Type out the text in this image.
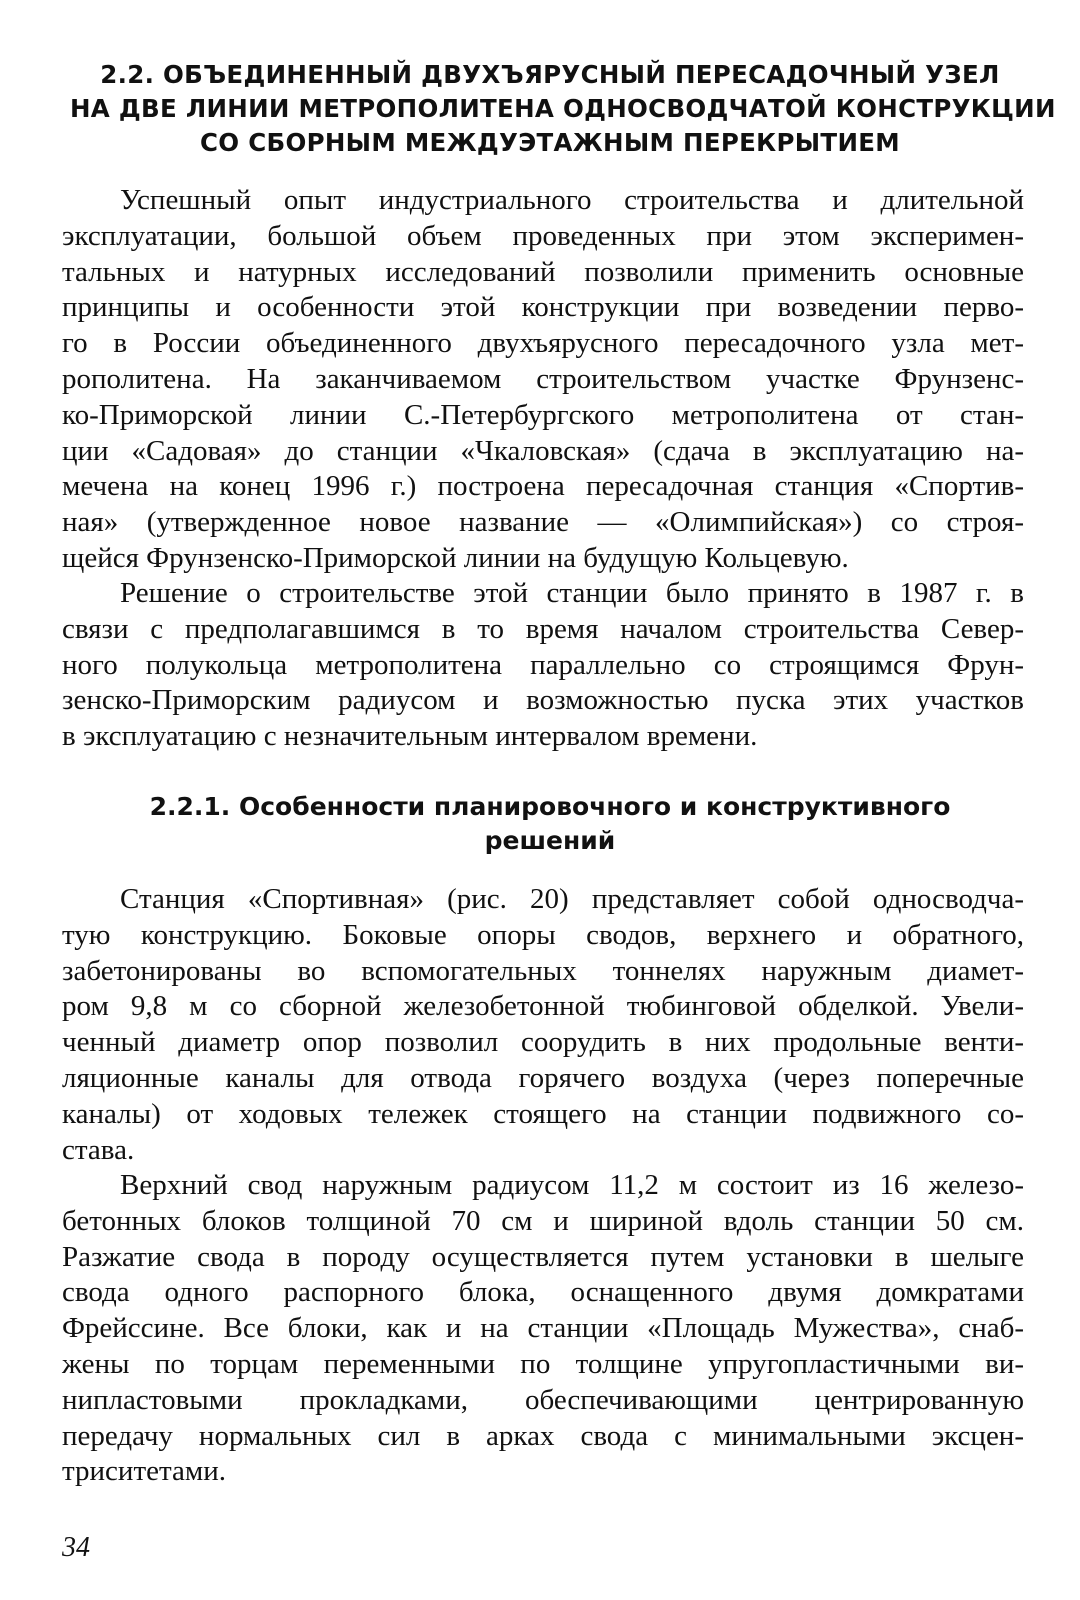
2.2. ОБЪЕДИНЕННЫЙ ДВУХЪЯРУСНЫЙ ПЕРЕСАДОЧНЫЙ УЗЕЛ
НА ДВЕ ЛИНИИ МЕТРОПОЛИТЕНА ОДНОСВОДЧАТОЙ КОНСТРУКЦИИ
СО СБОРНЫМ МЕЖДУЭТАЖНЫМ ПЕРЕКРЫТИЕМ
Успешный опыт индустриального строительства и длительной
эксплуатации, большой объем проведенных при этом эксперимен-
тальных и натурных исследований позволили применить основные
принципы и особенности этой конструкции при возведении перво-
го в России объединенного двухъярусного пересадочного узла мет-
рополитена. На заканчиваемом строительством участке Фрунзенс-
ко-Приморской линии С.-Петербургского метрополитена от стан-
ции «Садовая» до станции «Чкаловская» (сдача в эксплуатацию на-
мечена на конец 1996 г.) построена пересадочная станция «Спортив-
ная» (утвержденное новое название — «Олимпийская») со строя-
щейся Фрунзенско-Приморской линии на будущую Кольцевую.
Решение о строительстве этой станции было принято в 1987 г. в
связи с предполагавшимся в то время началом строительства Север-
ного полукольца метрополитена параллельно со строящимся Фрун-
зенско-Приморским радиусом и возможностью пуска этих участков
в эксплуатацию с незначительным интервалом времени.
2.2.1. Особенности планировочного и конструктивного
решений
Станция «Спортивная» (рис. 20) представляет собой односводча-
тую конструкцию. Боковые опоры сводов, верхнего и обратного,
забетонированы во вспомогательных тоннелях наружным диамет-
ром 9,8 м со сборной железобетонной тюбинговой обделкой. Увели-
ченный диаметр опор позволил соорудить в них продольные венти-
ляционные каналы для отвода горячего воздуха (через поперечные
каналы) от ходовых тележек стоящего на станции подвижного со-
става.
Верхний свод наружным радиусом 11,2 м состоит из 16 железо-
бетонных блоков толщиной 70 см и шириной вдоль станции 50 см.
Разжатие свода в породу осуществляется путем установки в шелыге
свода одного распорного блока, оснащенного двумя домкратами
Фрейссине. Все блоки, как и на станции «Площадь Мужества», снаб-
жены по торцам переменными по толщине упругопластичными ви-
нипластовыми прокладками, обеспечивающими центрированную
передачу нормальных сил в арках свода с минимальными эксцен-
триситетами.
34
